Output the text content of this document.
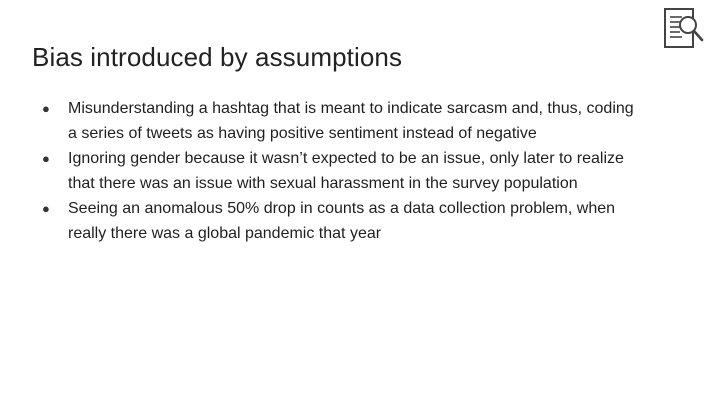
Bias introduced by assumptions
● Misunderstanding a hashtag that is meant to indicate sarcasm and, thus, coding a series of tweets as having positive sentiment instead of negative
● Ignoring gender because it wasn’t expected to be an issue, only later to realize that there was an issue with sexual harassment in the survey population
● Seeing an anomalous 50% drop in counts as a data collection problem, when really there was a global pandemic that year
